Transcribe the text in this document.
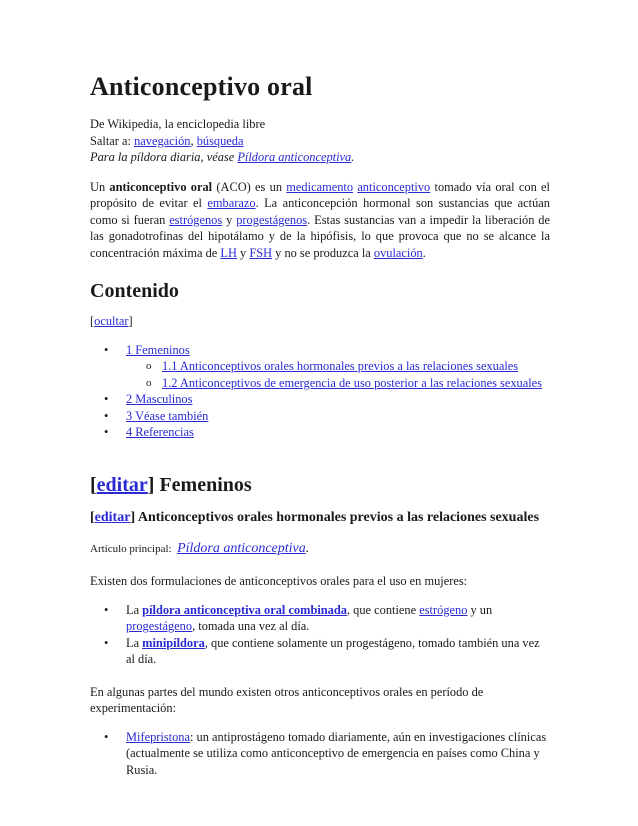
Anticonceptivo oral

De Wikipedia, la enciclopedia libre

Saltar a: navegación, búsqueda

Para la píldora diaria, véase Píldora anticonceptiva.

Un anticonceptivo oral (ACO) es un medicamento anticonceptivo tomado vía oral con el propósito de evitar el embarazo. La anticoncepción hormonal son sustancias que actúan como si fueran estrógenos y progestágenos. Estas sustancias van a impedir la liberación de las gonadotrofinas del hipotálamo y de la hipófisis, lo que provoca que no se alcance la concentración máxima de LH y FSH y no se produzca la ovulación.

Contenido

[ocultar]

• 1 Femeninos
o 1.1 Anticonceptivos orales hormonales previos a las relaciones sexuales
o 1.2 Anticonceptivos de emergencia de uso posterior a las relaciones sexuales
• 2 Masculinos
• 3 Véase también
• 4 Referencias
[editar] Femeninos
[editar] Anticonceptivos orales hormonales previos a las relaciones sexuales

Artículo principal: Píldora anticonceptiva.

Existen dos formulaciones de anticonceptivos orales para el uso en mujeres:

• La píldora anticonceptiva oral combinada, que contiene estrógeno y un progestágeno, tomada una vez al día.
• La minipíldora, que contiene solamente un progestágeno, tomado también una vez al día.

En algunas partes del mundo existen otros anticonceptivos orales en período de experimentación:

• Mifepristona: un antiprostágeno tomado diariamente, aún en investigaciones clínicas (actualmente se utiliza como anticonceptivo de emergencia en países como China y Rusia.
